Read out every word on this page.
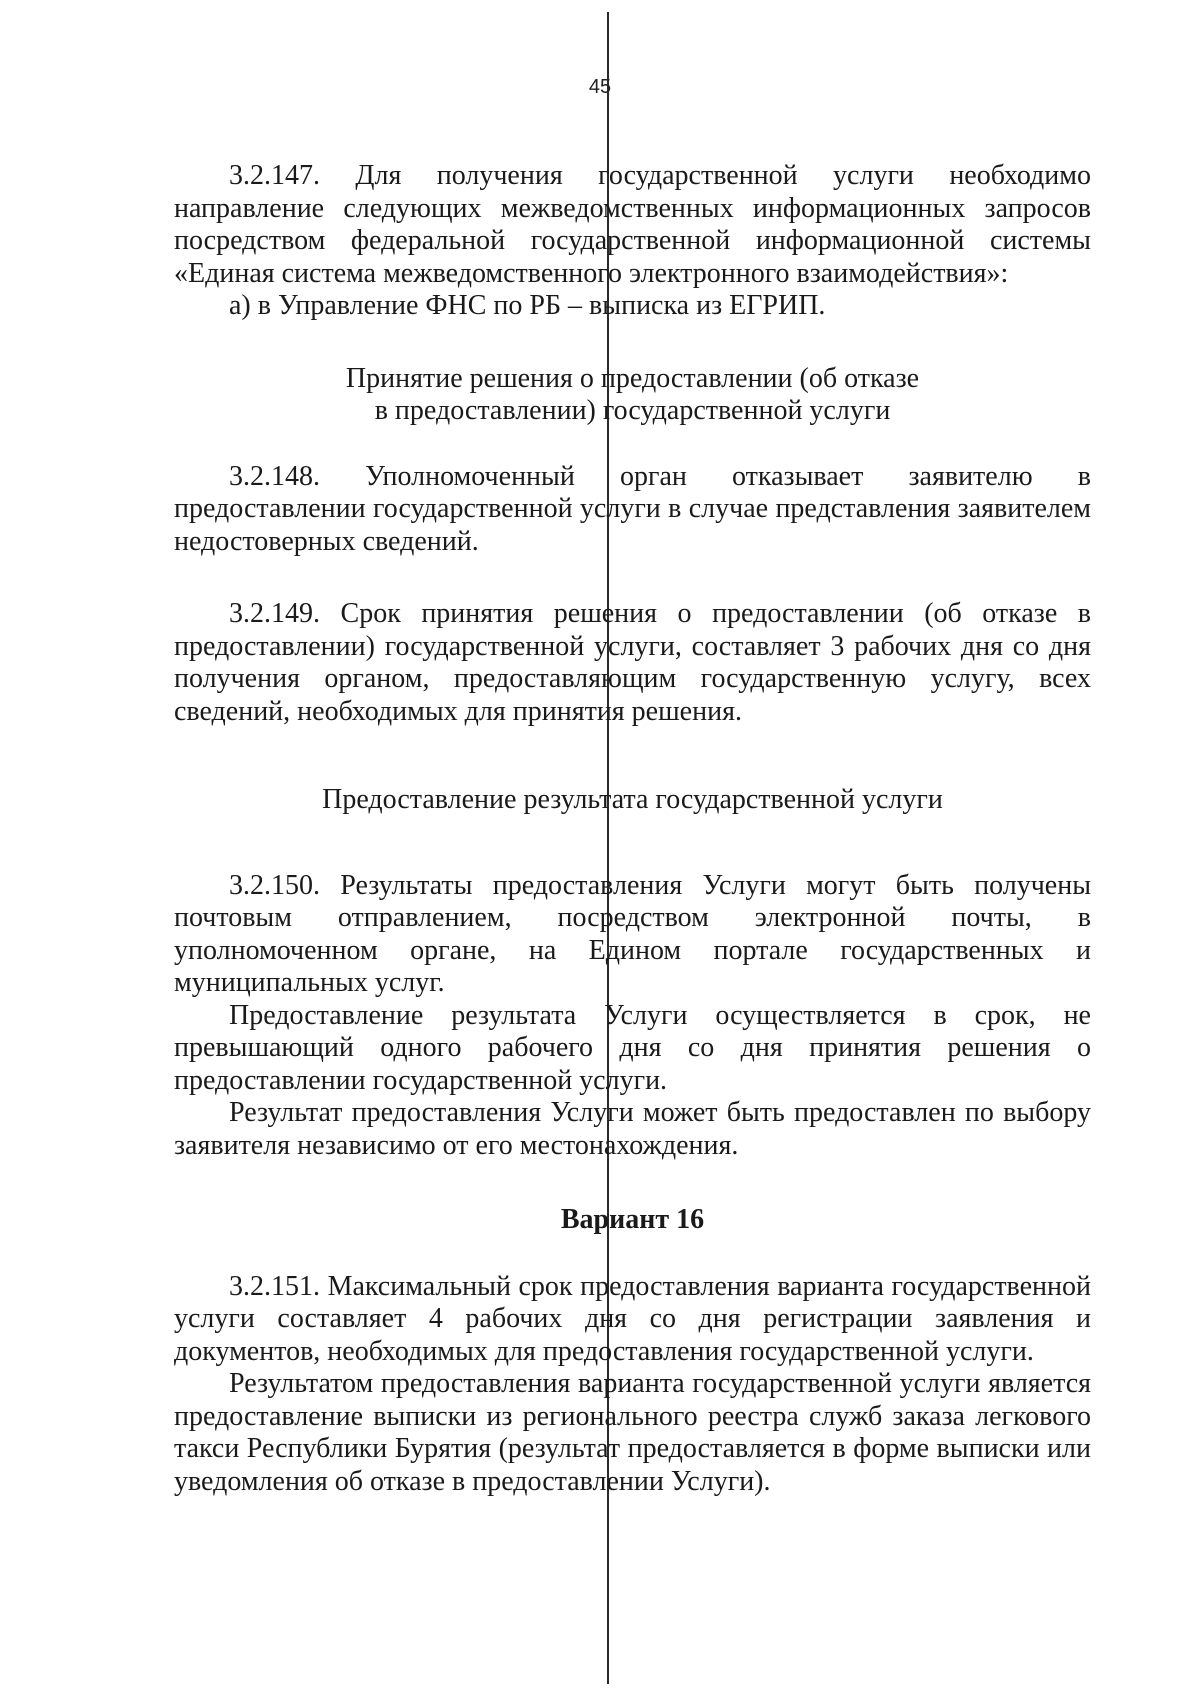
45

3.2.147. Для получения государственной услуги необходимо направление следующих межведомственных информационных запросов посредством федеральной государственной информационной системы «Единая система межведомственного электронного взаимодействия»:

а) в Управление ФНС по РБ – выписка из ЕГРИП.

Принятие решения о предоставлении (об отказе
в предоставлении) государственной услуги

3.2.148. Уполномоченный орган отказывает заявителю в предоставлении государственной услуги в случае представления заявителем недостоверных сведений.

3.2.149. Срок принятия решения о предоставлении (об отказе в предоставлении) государственной услуги, составляет 3 рабочих дня со дня получения органом, предоставляющим государственную услугу, всех сведений, необходимых для принятия решения.

Предоставление результата государственной услуги

3.2.150. Результаты предоставления Услуги могут быть получены почтовым отправлением, посредством электронной почты, в уполномоченном органе, на Едином портале государственных и муниципальных услуг.

Предоставление результата Услуги осуществляется в срок, не превышающий одного рабочего дня со дня принятия решения о предоставлении государственной услуги.

Результат предоставления Услуги может быть предоставлен по выбору заявителя независимо от его местонахождения.

Вариант 16

3.2.151. Максимальный срок предоставления варианта государственной услуги составляет 4 рабочих дня со дня регистрации заявления и документов, необходимых для предоставления государственной услуги.

Результатом предоставления варианта государственной услуги является предоставление выписки из регионального реестра служб заказа легкового такси Республики Бурятия (результат предоставляется в форме выписки или уведомления об отказе в предоставлении Услуги).
